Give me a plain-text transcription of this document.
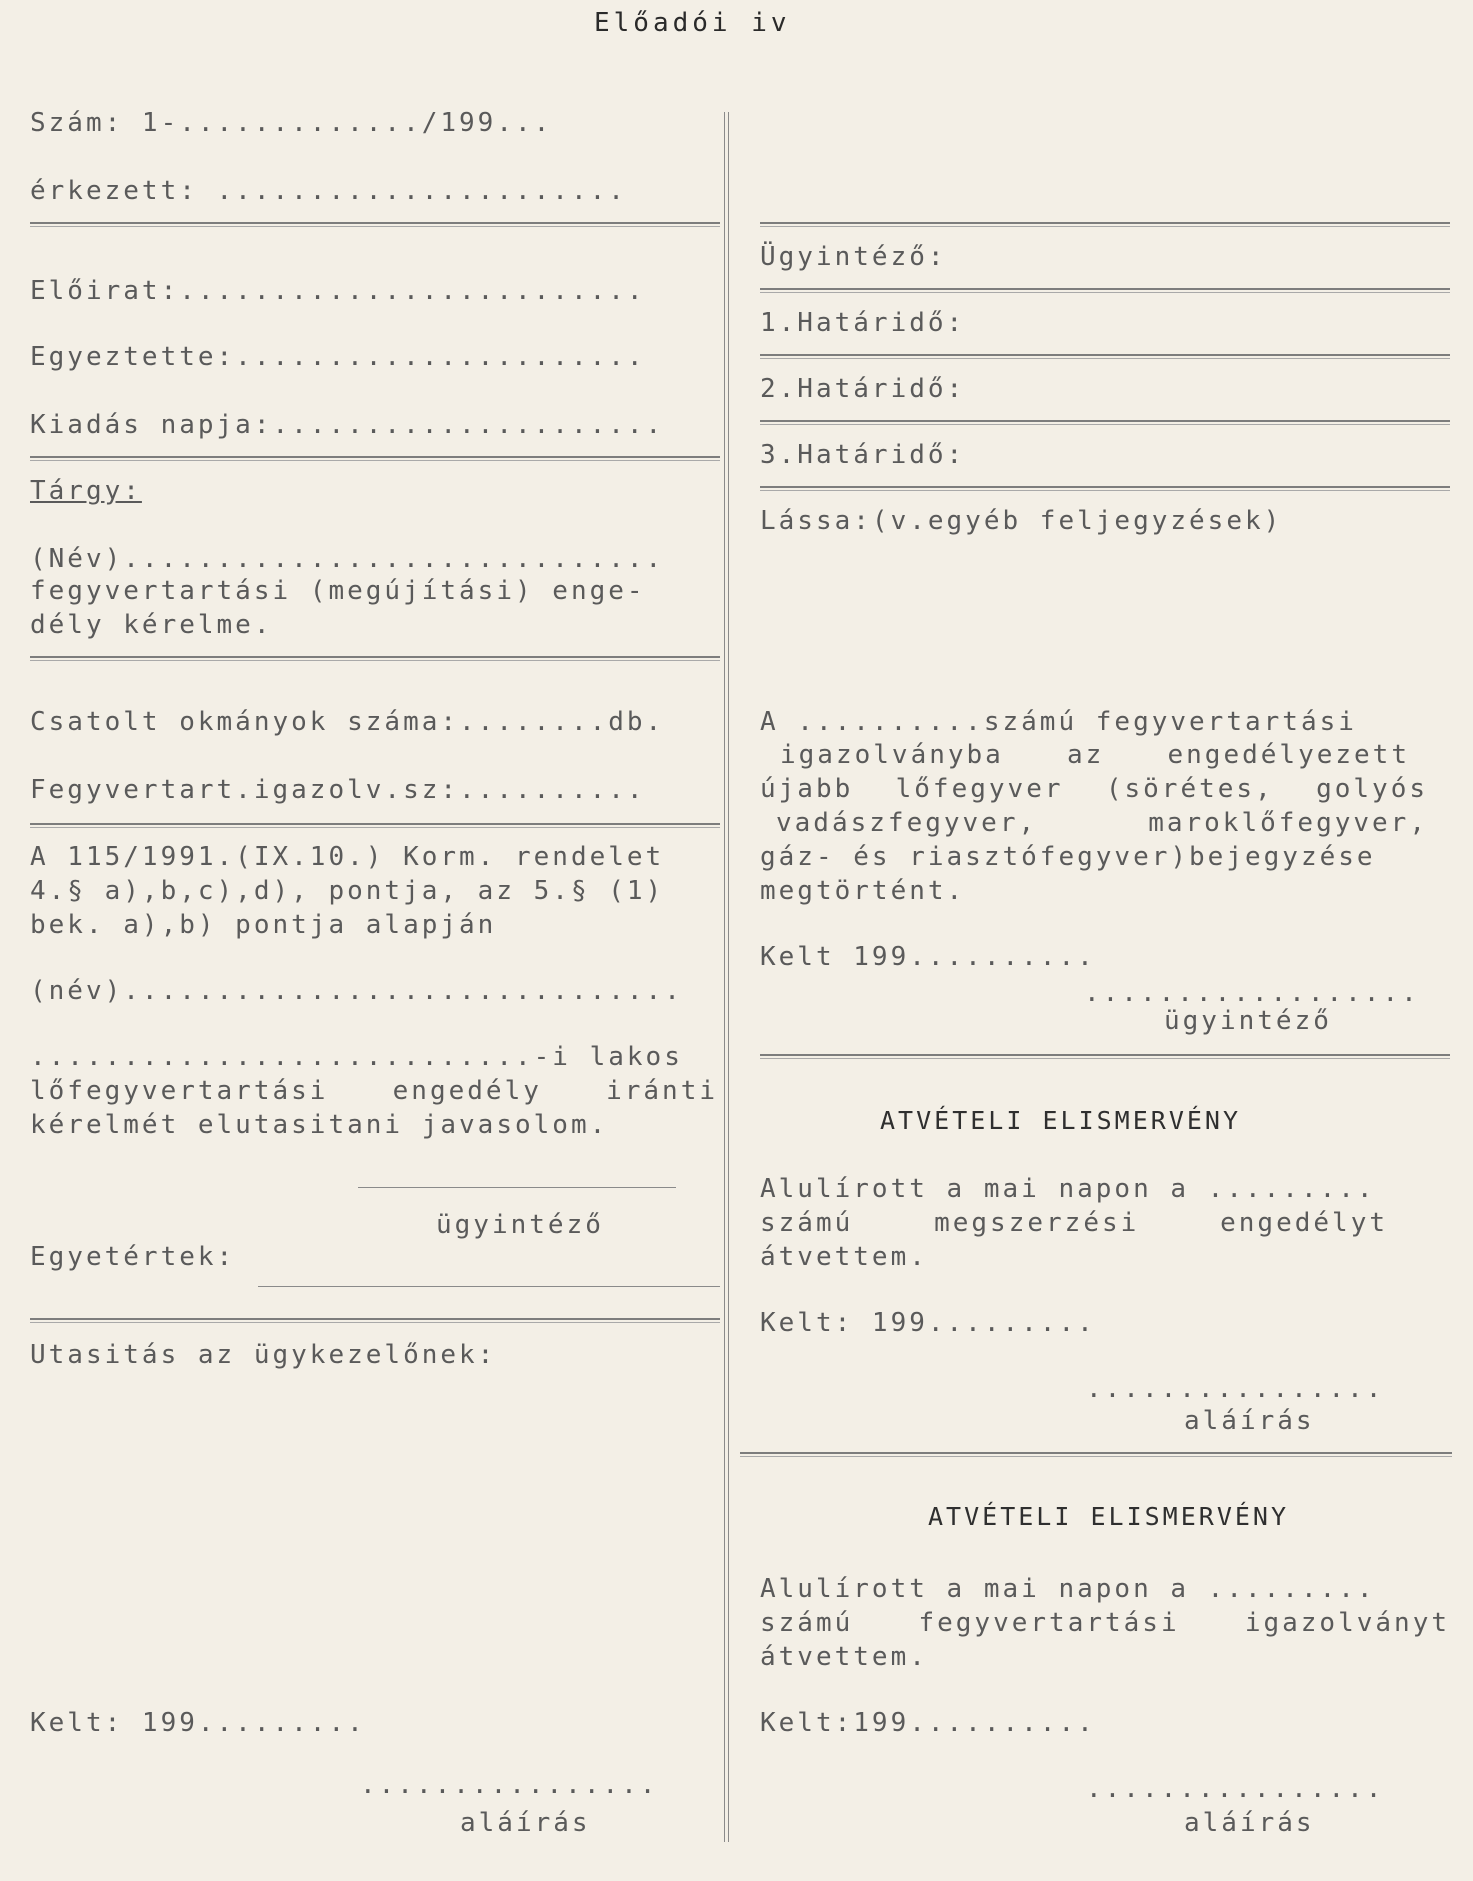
Előadói iv
Szám: 1-............./199...
érkezett: ......................
Előirat:.........................
Egyeztette:......................
Kiadás napja:.....................
Tárgy:
(Név).............................
fegyvertartási (megújítási) enge-
dély kérelme.
Csatolt okmányok száma:........db.
Fegyvertart.igazolv.sz:..........
A 115/1991.(IX.10.) Korm. rendelet
4.§ a),b,c),d), pontja, az 5.§ (1)
bek. a),b) pontja alapján
(név)..............................
...........................-i lakos
lőfegyvertartási engedély iránti
kérelmét elutasitani javasolom.
ügyintéző
Egyetértek:
Utasitás az ügykezelőnek:
Kelt: 199.........
................
aláírás
Ügyintéző:
1.Határidő:
2.Határidő:
3.Határidő:
Lássa:(v.egyéb feljegyzések)
A ..........számú fegyvertartási
igazolványba az engedélyezett
újabb lőfegyver (sörétes, golyós
vadászfegyver, maroklőfegyver,
gáz- és riasztófegyver)bejegyzése
megtörtént.
Kelt 199..........
..................
ügyintéző
ATVÉTELI ELISMERVÉNY
Alulírott a mai napon a .........
számú megszerzési engedélyt
átvettem.
Kelt: 199.........
................
aláírás
ATVÉTELI ELISMERVÉNY
Alulírott a mai napon a .........
számú fegyvertartási igazolványt
átvettem.
Kelt:199..........
................
aláírás
